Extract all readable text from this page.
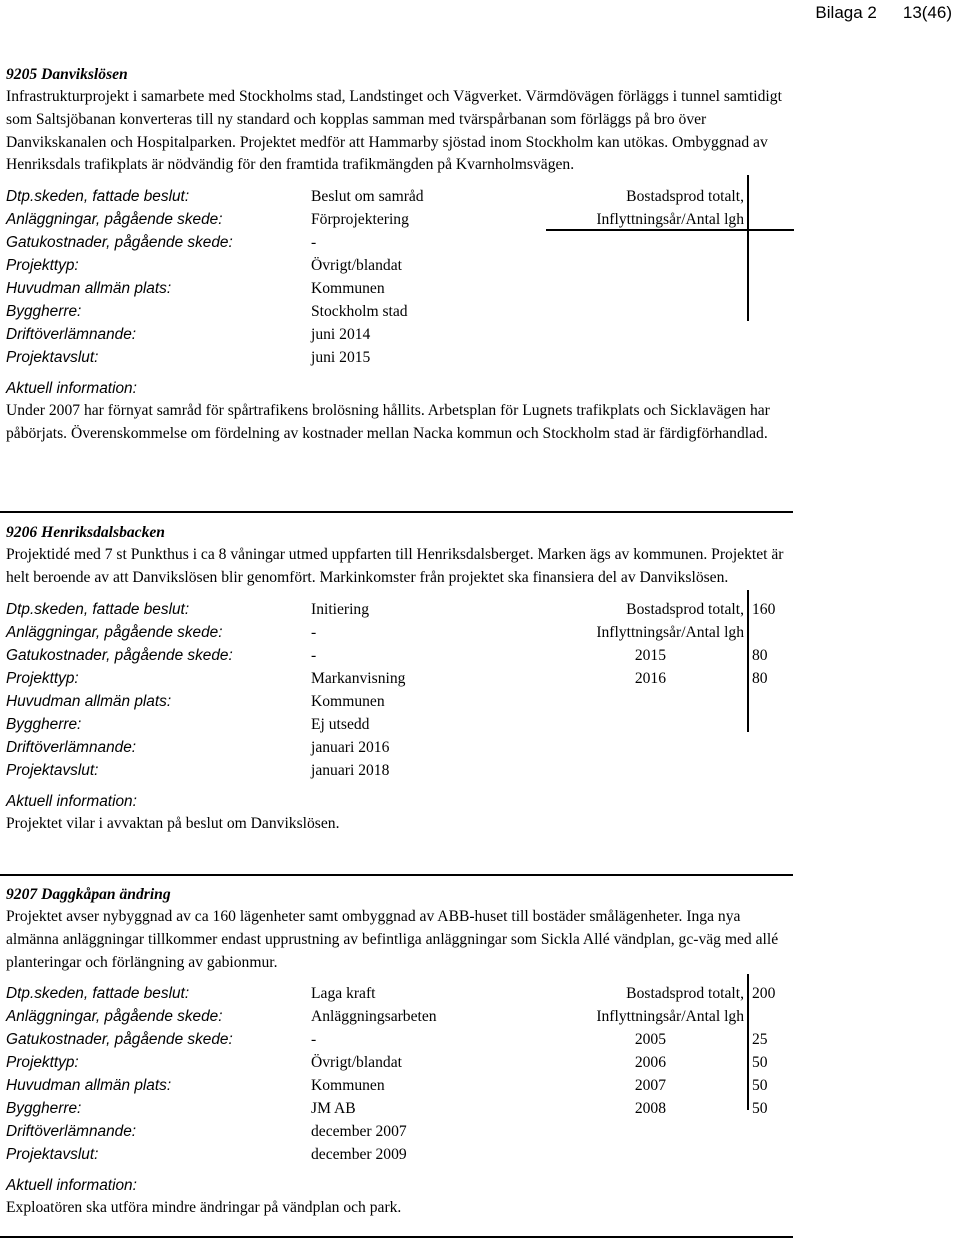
Bilaga 2 13(46)
9205 Danvikslösen
Infrastrukturprojekt i samarbete med Stockholms stad, Landstinget och Vägverket. Värmdövägen förläggs i tunnel samtidigt som Saltsjöbanan konverteras till ny standard och kopplas samman med tvärspårbanan som förläggs på bro över Danvikskanalen och Hospitalparken. Projektet medför att Hammarby sjöstad inom Stockholm kan utökas. Ombyggnad av Henriksdals trafikplats är nödvändig för den framtida trafikmängden på Kvarnholmsvägen.
Dtp.skeden, fattade beslut:	Beslut om samråd	Bostadsprod totalt,
Anläggningar, pågående skede:	Förprojektering	Inflyttningsår/Antal lgh
Gatukostnader, pågående skede:	-
Projekttyp:	Övrigt/blandat
Huvudman allmän plats:	Kommunen
Byggherre:	Stockholm stad
Driftöverlämnande:	juni 2014
Projektavslut:	juni 2015
Aktuell information:
Under 2007 har förnyat samråd för spårtrafikens brolösning hållits. Arbetsplan för Lugnets trafikplats och Sicklavägen har påbörjats. Överenskommelse om fördelning av kostnader mellan Nacka kommun och Stockholm stad är färdigförhandlad.
9206 Henriksdalsbacken
Projektidé med 7 st Punkthus i ca 8 våningar utmed uppfarten till Henriksdalsberget. Marken ägs av kommunen. Projektet är helt beroende av att Danvikslösen blir genomfört. Markinkomster från projektet ska finansiera del av Danvikslösen.
Dtp.skeden, fattade beslut:	Initiering	Bostadsprod totalt, 160
Anläggningar, pågående skede:	-	Inflyttningsår/Antal lgh
Gatukostnader, pågående skede:	-	2015	80
Projekttyp:	Markanvisning	2016	80
Huvudman allmän plats:	Kommunen
Byggherre:	Ej utsedd
Driftöverlämnande:	januari 2016
Projektavslut:	januari 2018
Aktuell information:
Projektet vilar i avvaktan på beslut om Danvikslösen.
9207 Daggkåpan ändring
Projektet avser nybyggnad av ca 160 lägenheter samt ombyggnad av ABB-huset till bostäder smålägenheter. Inga nya almänna anläggningar tillkommer endast upprustning av befintliga anläggningar som Sickla Allé vändplan, gc-väg med allé planteringar och förlängning av gabionmur.
Dtp.skeden, fattade beslut:	Laga kraft	Bostadsprod totalt, 200
Anläggningar, pågående skede:	Anläggningsarbeten	Inflyttningsår/Antal lgh
Gatukostnader, pågående skede:	-	2005	25
Projekttyp:	Övrigt/blandat	2006	50
Huvudman allmän plats:	Kommunen	2007	50
Byggherre:	JM AB	2008	50
Driftöverlämnande:	december 2007
Projektavslut:	december 2009
Aktuell information:
Exploatören ska utföra mindre ändringar på vändplan och park.
